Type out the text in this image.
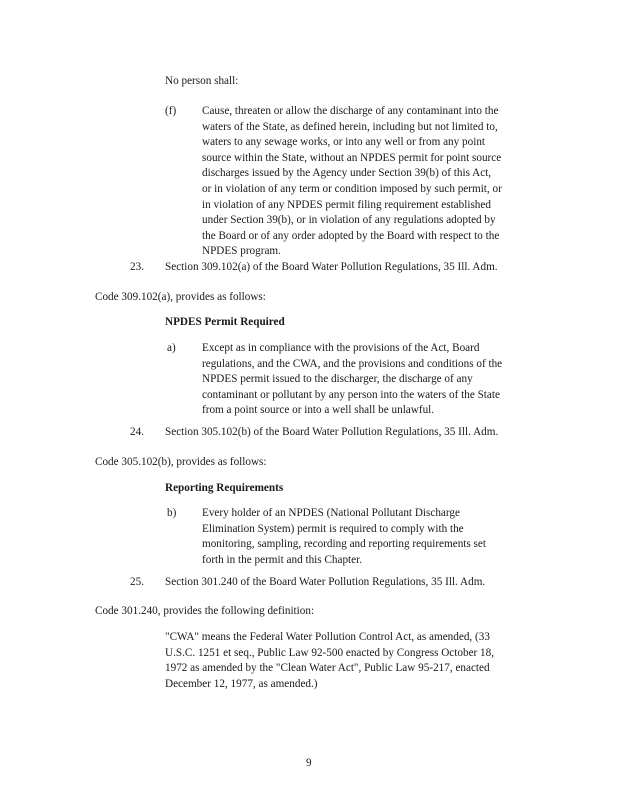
No person shall:
(f) Cause, threaten or allow the discharge of any contaminant into the
waters of the State, as defined herein, including but not limited to,
waters to any sewage works, or into any well or from any point
source within the State, without an NPDES permit for point source
discharges issued by the Agency under Section 39(b) of this Act,
or in violation of any term or condition imposed by such permit, or
in violation of any NPDES permit filing requirement established
under Section 39(b), or in violation of any regulations adopted by
the Board or of any order adopted by the Board with respect to the
NPDES program.
23. Section 309.102(a) of the Board Water Pollution Regulations, 35 Ill. Adm.
Code 309.102(a), provides as follows:
NPDES Permit Required
a) Except as in compliance with the provisions of the Act, Board
regulations, and the CWA, and the provisions and conditions of the
NPDES permit issued to the discharger, the discharge of any
contaminant or pollutant by any person into the waters of the State
from a point source or into a well shall be unlawful.
24. Section 305.102(b) of the Board Water Pollution Regulations, 35 Ill. Adm.
Code 305.102(b), provides as follows:
Reporting Requirements
b) Every holder of an NPDES (National Pollutant Discharge
Elimination System) permit is required to comply with the
monitoring, sampling, recording and reporting requirements set
forth in the permit and this Chapter.
25. Section 301.240 of the Board Water Pollution Regulations, 35 Ill. Adm.
Code 301.240, provides the following definition:
"CWA" means the Federal Water Pollution Control Act, as amended, (33
U.S.C. 1251 et seq., Public Law 92-500 enacted by Congress October 18,
1972 as amended by the "Clean Water Act", Public Law 95-217, enacted
December 12, 1977, as amended.)
9
